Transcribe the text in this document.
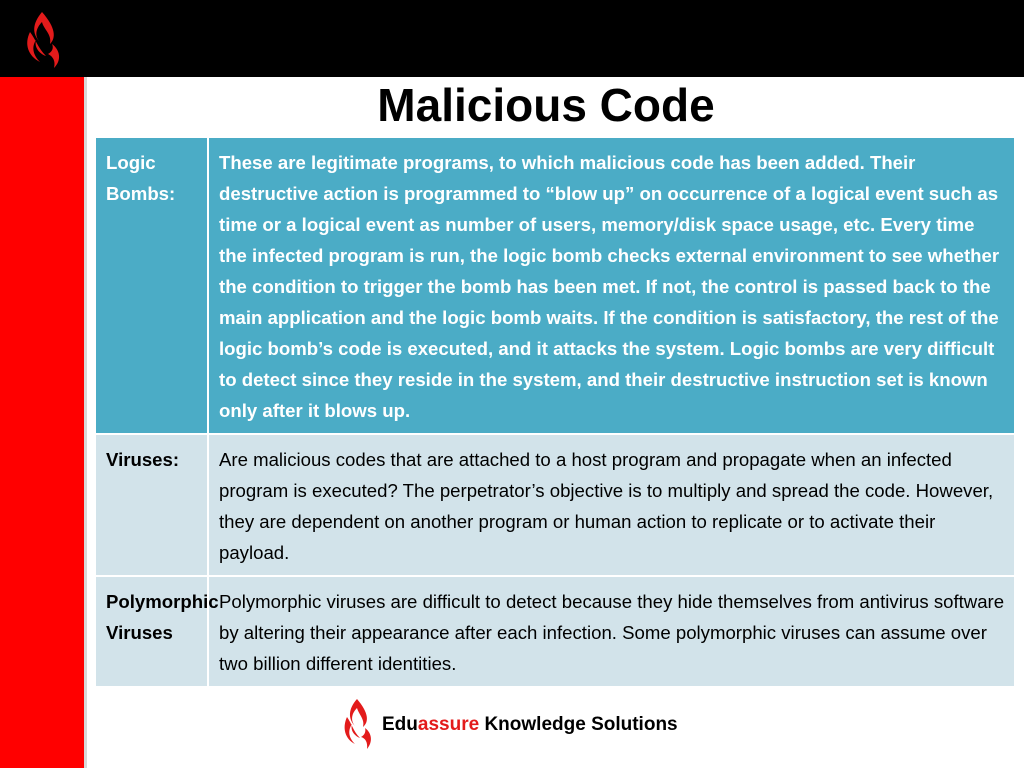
Malicious Code
Logic Bombs:	These are legitimate programs, to which malicious code has been added. Their destructive action is programmed to “blow up” on occurrence of a logical event such as time or a logical event as number of users, memory/disk space usage, etc. Every time the infected program is run, the logic bomb checks external environment to see whether the condition to trigger the bomb has been met. If not, the control is passed back to the main application and the logic bomb waits. If the condition is satisfactory, the rest of the logic bomb’s code is executed, and it attacks the system. Logic bombs are very difficult to detect since they reside in the system, and their destructive instruction set is known only after it blows up.
Viruses:	Are malicious codes that are attached to a host program and propagate when an infected program is executed? The perpetrator’s objective is to multiply and spread the code. However, they are dependent on another program or human action to replicate or to activate their payload.
Polymorphic Viruses	Polymorphic viruses are difficult to detect because they hide themselves from antivirus software by altering their appearance after each infection. Some polymorphic viruses can assume over two billion different identities.
Eduassure Knowledge Solutions
